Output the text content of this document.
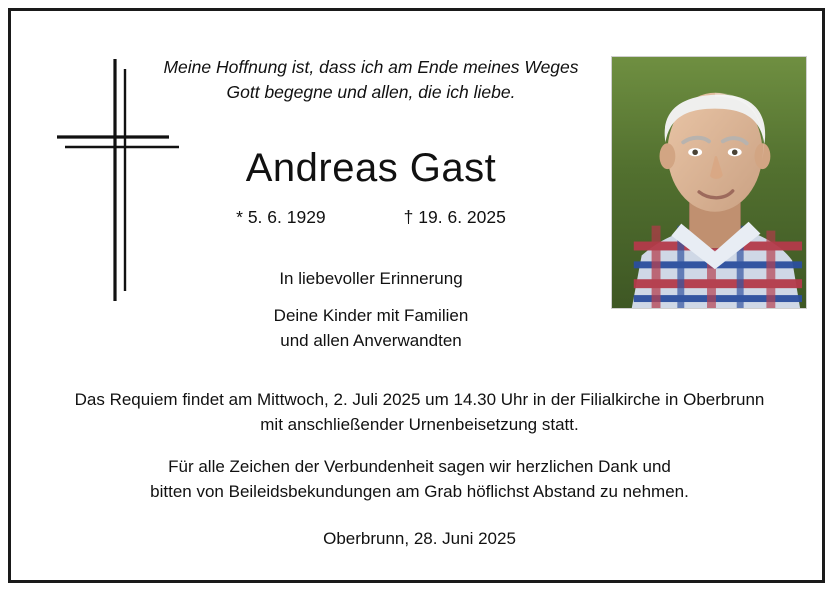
Meine Hoffnung ist, dass ich am Ende meines Weges
Gott begegne und allen, die ich liebe.
Andreas Gast
* 5. 6. 1929	† 19. 6. 2025
In liebevoller Erinnerung
Deine Kinder mit Familien
und allen Anverwandten
Das Requiem findet am Mittwoch, 2. Juli 2025 um 14.30 Uhr in der Filialkirche in Oberbrunn
mit anschließender Urnenbeisetzung statt.
Für alle Zeichen der Verbundenheit sagen wir herzlichen Dank und
bitten von Beileidsbekundungen am Grab höflichst Abstand zu nehmen.
Oberbrunn, 28. Juni 2025
